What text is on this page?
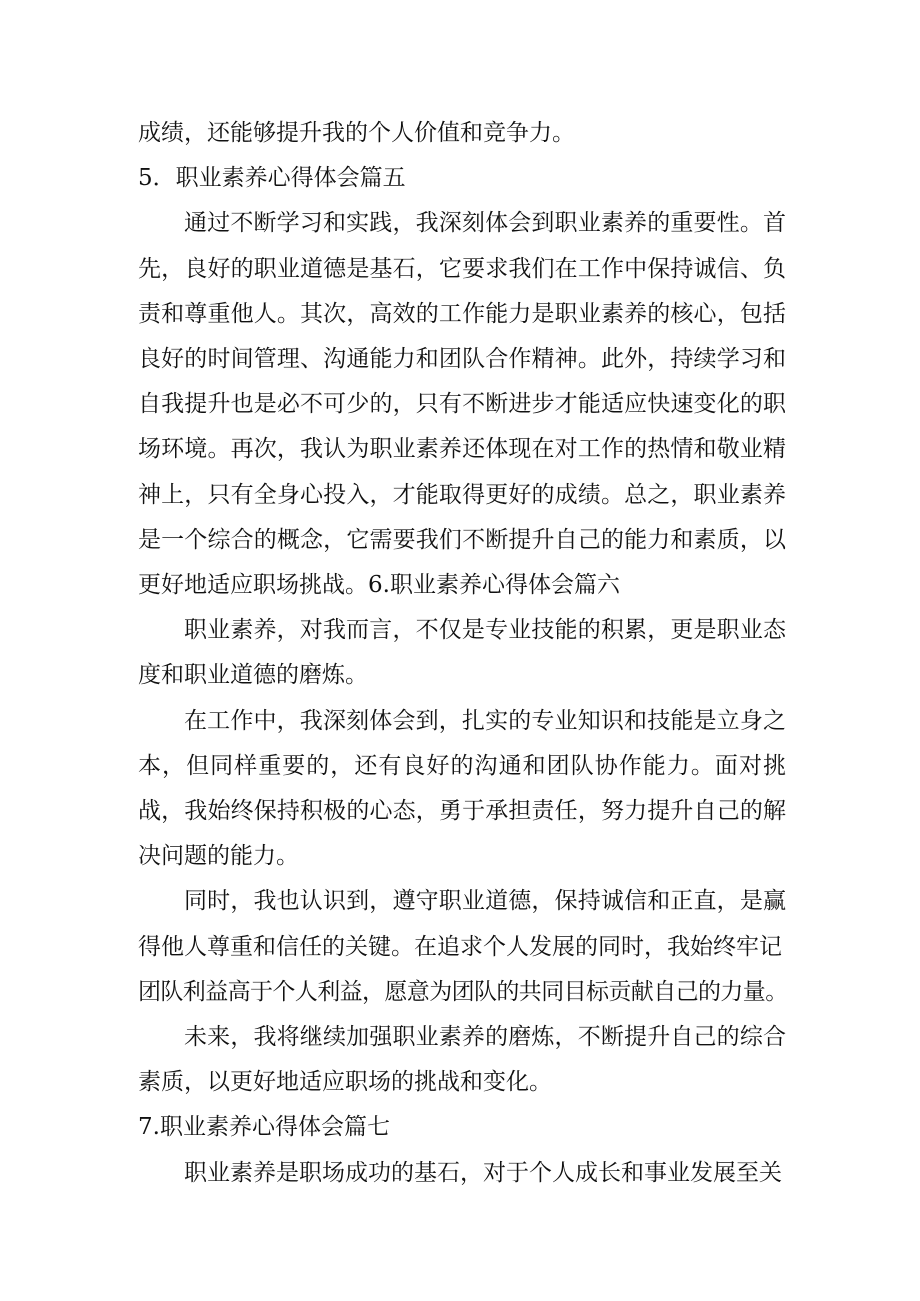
成绩，还能够提升我的个人价值和竞争力。

5．职业素养心得体会篇五

通过不断学习和实践，我深刻体会到职业素养的重要性。首先，良好的职业道德是基石，它要求我们在工作中保持诚信、负责和尊重他人。其次，高效的工作能力是职业素养的核心，包括良好的时间管理、沟通能力和团队合作精神。此外，持续学习和自我提升也是必不可少的，只有不断进步才能适应快速变化的职场环境。再次，我认为职业素养还体现在对工作的热情和敬业精神上，只有全身心投入，才能取得更好的成绩。总之，职业素养是一个综合的概念，它需要我们不断提升自己的能力和素质，以更好地适应职场挑战。6.职业素养心得体会篇六

职业素养，对我而言，不仅是专业技能的积累，更是职业态度和职业道德的磨炼。

在工作中，我深刻体会到，扎实的专业知识和技能是立身之本，但同样重要的，还有良好的沟通和团队协作能力。面对挑战，我始终保持积极的心态，勇于承担责任，努力提升自己的解决问题的能力。

同时，我也认识到，遵守职业道德，保持诚信和正直，是赢得他人尊重和信任的关键。在追求个人发展的同时，我始终牢记
团队利益高于个人利益，愿意为团队的共同目标贡献自己的力量。

未来，我将继续加强职业素养的磨炼，不断提升自己的综合素质，以更好地适应职场的挑战和变化。

7.职业素养心得体会篇七

职业素养是职场成功的基石，对于个人成长和事业发展至关
